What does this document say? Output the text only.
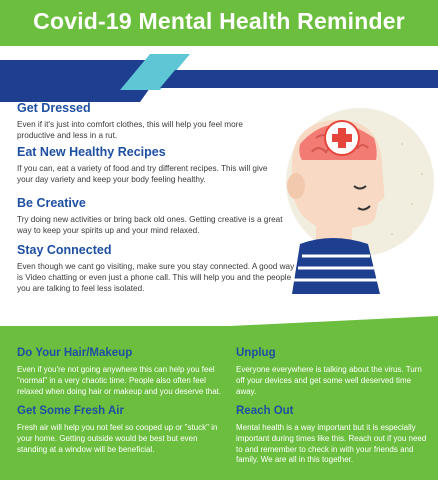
Covid-19 Mental Health Reminder
Get Dressed
Even if it's just into comfort clothes, this will help you feel more productive and less in a rut.
Eat New Healthy Recipes
If you can, eat a variety of food and try different recipes. This will give your day variety and keep your body feeling healthy.
Be Creative
Try doing new activities or bring back old ones. Getting creative is a great way to keep your spirits up and your mind relaxed.
Stay Connected
Even though we cant go visiting, make sure you stay connected. A good way is Video chatting or even just a phone call. This will help you and the people you are talking to feel less isolated.
Do Your Hair/Makeup
Even if you're not going anywhere this can help you feel "normal" in a very chaotic time. People also often feel relaxed when doing hair or makeup and you deserve that.
Get Some Fresh Air
Fresh air will help you not feel so cooped up or "stuck" in your home. Getting outside would be best but even standing at a window will be beneficial.
Unplug
Everyone everywhere is talking about the virus. Turn off your devices and get some well deserved time away.
Reach Out
Mental health is a way important but it is especially important during times like this. Reach out if you need to and remember to check in with your friends and family. We are all in this together.
